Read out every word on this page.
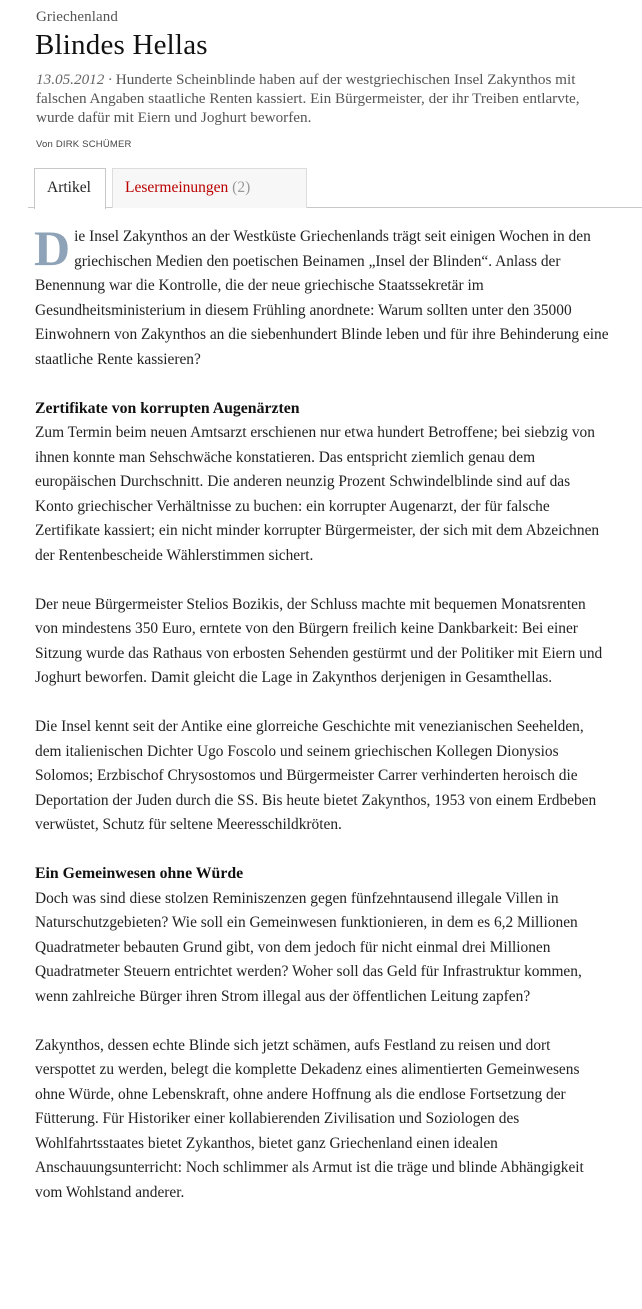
Griechenland
Blindes Hellas
13.05.2012 · Hunderte Scheinblinde haben auf der westgriechischen Insel Zakynthos mit falschen Angaben staatliche Renten kassiert. Ein Bürgermeister, der ihr Treiben entlarvte, wurde dafür mit Eiern und Joghurt beworfen.
Von DIRK SCHÜMER
Artikel	Lesermeinungen (2)

Die Insel Zakynthos an der Westküste Griechenlands trägt seit einigen Wochen in den griechischen Medien den poetischen Beinamen „Insel der Blinden“. Anlass der Benennung war die Kontrolle, die der neue griechische Staatssekretär im Gesundheitsministerium in diesem Frühling anordnete: Warum sollten unter den 35000 Einwohnern von Zakynthos an die siebenhundert Blinde leben und für ihre Behinderung eine staatliche Rente kassieren?

Zertifikate von korrupten Augenärzten

Zum Termin beim neuen Amtsarzt erschienen nur etwa hundert Betroffene; bei siebzig von ihnen konnte man Sehschwäche konstatieren. Das entspricht ziemlich genau dem europäischen Durchschnitt. Die anderen neunzig Prozent Schwindelblinde sind auf das Konto griechischer Verhältnisse zu buchen: ein korrupter Augenarzt, der für falsche Zertifikate kassiert; ein nicht minder korrupter Bürgermeister, der sich mit dem Abzeichnen der Rentenbescheide Wählerstimmen sichert.

Der neue Bürgermeister Stelios Bozikis, der Schluss machte mit bequemen Monatsrenten von mindestens 350 Euro, erntete von den Bürgern freilich keine Dankbarkeit: Bei einer Sitzung wurde das Rathaus von erbosten Sehenden gestürmt und der Politiker mit Eiern und Joghurt beworfen. Damit gleicht die Lage in Zakynthos derjenigen in Gesamthellas.

Die Insel kennt seit der Antike eine glorreiche Geschichte mit venezianischen Seehelden, dem italienischen Dichter Ugo Foscolo und seinem griechischen Kollegen Dionysios Solomos; Erzbischof Chrysostomos und Bürgermeister Carrer verhinderten heroisch die Deportation der Juden durch die SS. Bis heute bietet Zakynthos, 1953 von einem Erdbeben verwüstet, Schutz für seltene Meeresschildkröten.

Ein Gemeinwesen ohne Würde

Doch was sind diese stolzen Reminiszenzen gegen fünfzehntausend illegale Villen in Naturschutzgebieten? Wie soll ein Gemeinwesen funktionieren, in dem es 6,2 Millionen Quadratmeter bebauten Grund gibt, von dem jedoch für nicht einmal drei Millionen Quadratmeter Steuern entrichtet werden? Woher soll das Geld für Infrastruktur kommen, wenn zahlreiche Bürger ihren Strom illegal aus der öffentlichen Leitung zapfen?

Zakynthos, dessen echte Blinde sich jetzt schämen, aufs Festland zu reisen und dort verspottet zu werden, belegt die komplette Dekadenz eines alimentierten Gemeinwesens ohne Würde, ohne Lebenskraft, ohne andere Hoffnung als die endlose Fortsetzung der Fütterung. Für Historiker einer kollabierenden Zivilisation und Soziologen des Wohlfahrtsstaates bietet Zykanthos, bietet ganz Griechenland einen idealen Anschauungsunterricht: Noch schlimmer als Armut ist die träge und blinde Abhängigkeit vom Wohlstand anderer.
